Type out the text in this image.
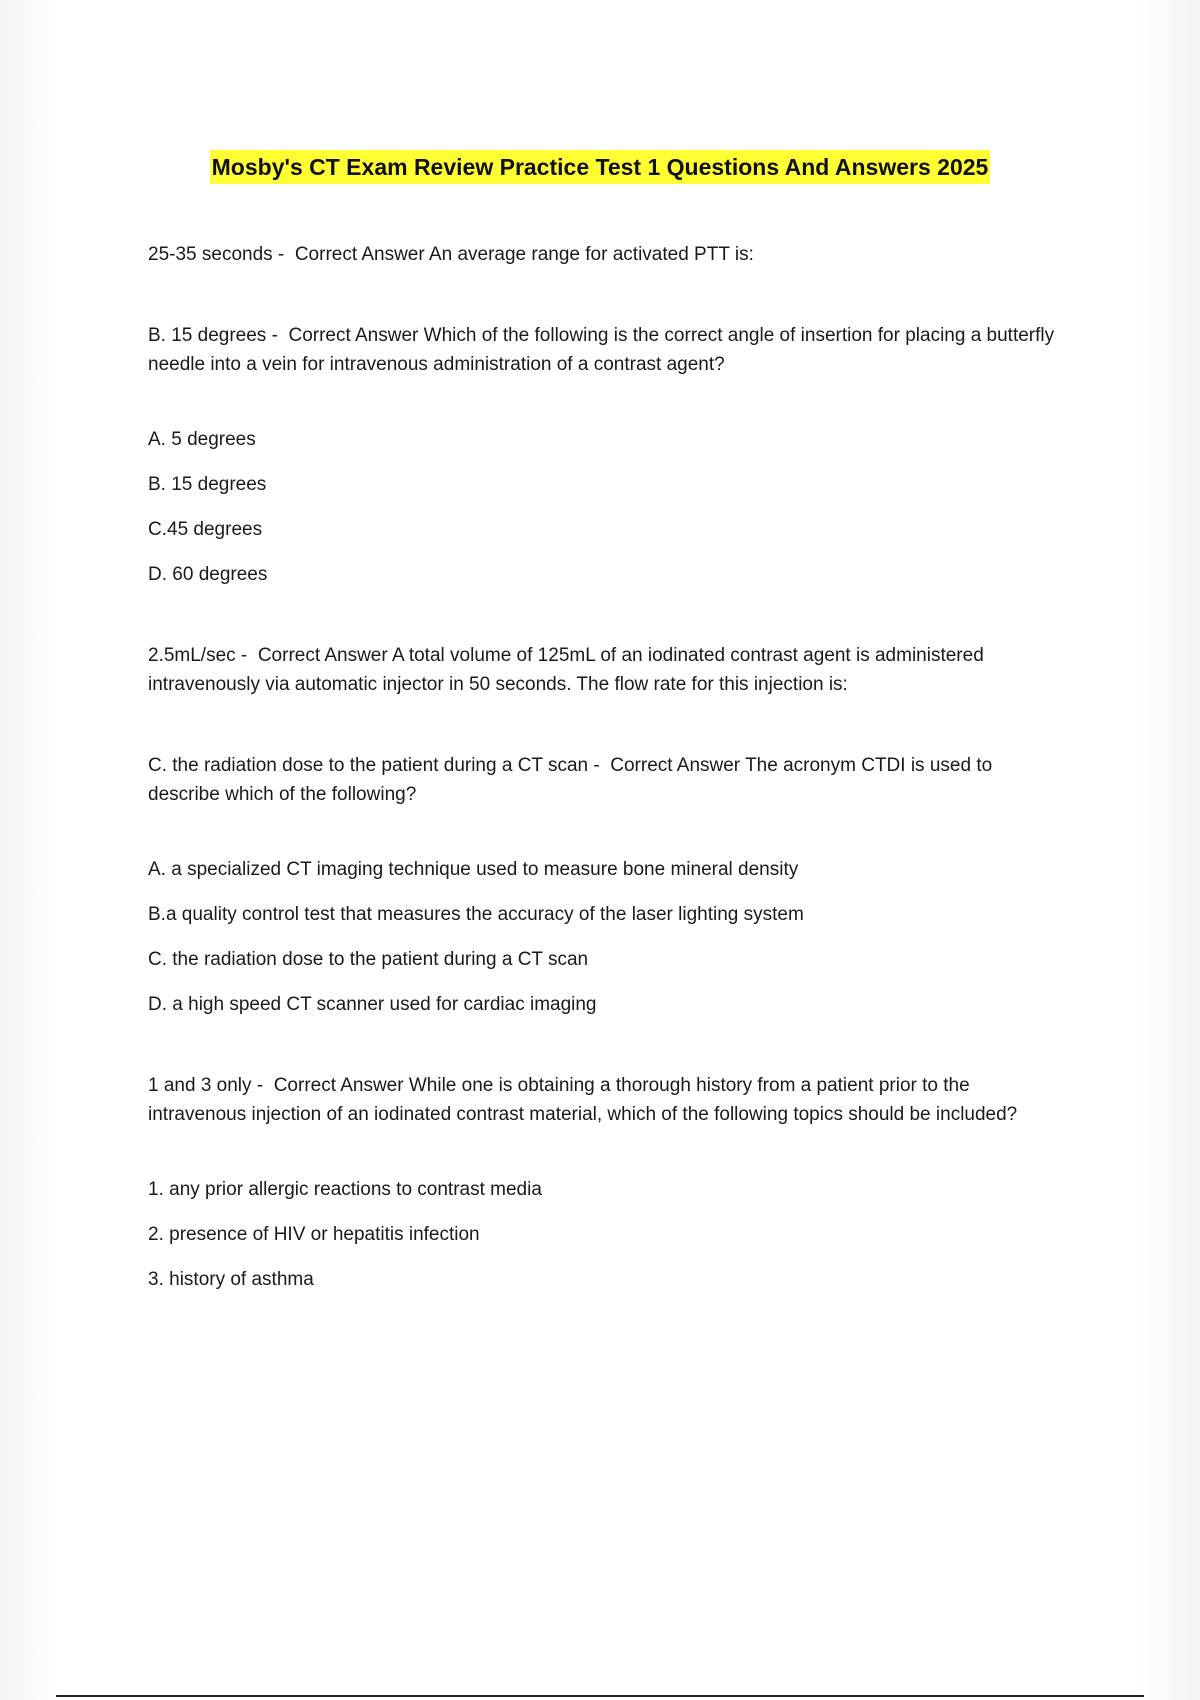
Mosby's CT Exam Review Practice Test 1 Questions And Answers 2025

25-35 seconds -  Correct Answer An average range for activated PTT is:

B. 15 degrees -  Correct Answer Which of the following is the correct angle of insertion for placing a butterfly needle into a vein for intravenous administration of a contrast agent?

A. 5 degrees
B. 15 degrees
C.45 degrees
D. 60 degrees

2.5mL/sec -  Correct Answer A total volume of 125mL of an iodinated contrast agent is administered intravenously via automatic injector in 50 seconds. The flow rate for this injection is:

C. the radiation dose to the patient during a CT scan -  Correct Answer The acronym CTDI is used to describe which of the following?

A. a specialized CT imaging technique used to measure bone mineral density
B.a quality control test that measures the accuracy of the laser lighting system
C. the radiation dose to the patient during a CT scan
D. a high speed CT scanner used for cardiac imaging

1 and 3 only -  Correct Answer While one is obtaining a thorough history from a patient prior to the intravenous injection of an iodinated contrast material, which of the following topics should be included?

1. any prior allergic reactions to contrast media
2. presence of HIV or hepatitis infection
3. history of asthma
